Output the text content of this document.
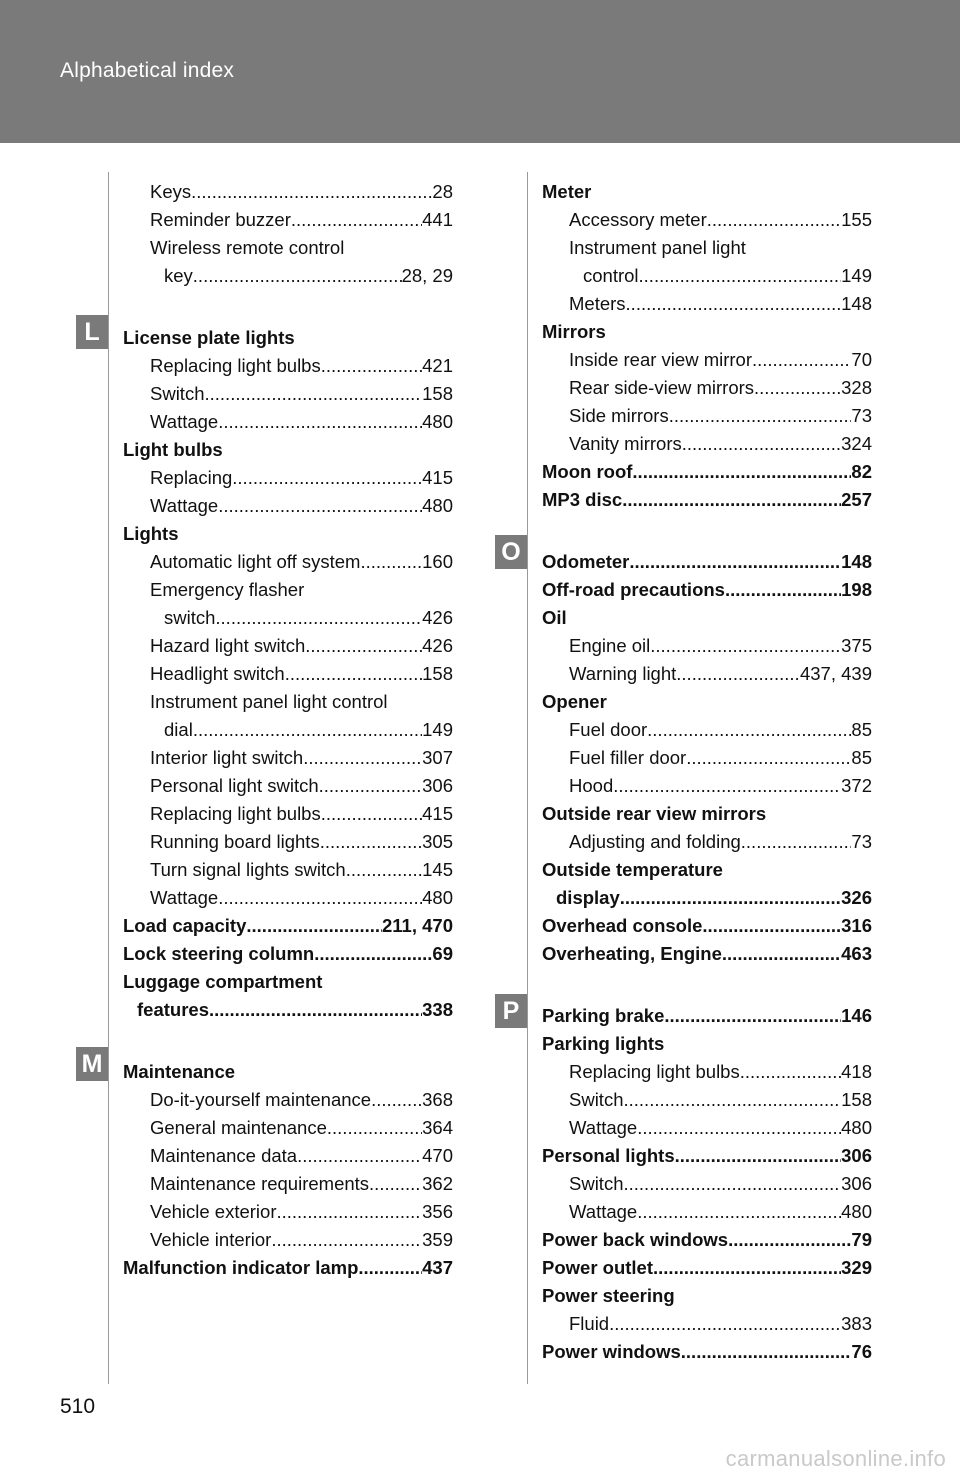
Alphabetical index
L
M
O
P
Keys .....	28
Reminder buzzer .....	441
Wireless remote control
key .....	28, 29
License plate lights
Replacing light bulbs .....	421
Switch .....	158
Wattage .....	480
Light bulbs
Replacing .....	415
Wattage .....	480
Lights
Automatic light off system .....	160
Emergency flasher
switch .....	426
Hazard light switch .....	426
Headlight switch .....	158
Instrument panel light control
dial .....	149
Interior light switch .....	307
Personal light switch .....	306
Replacing light bulbs .....	415
Running board lights .....	305
Turn signal lights switch .....	145
Wattage .....	480
Load capacity .....	211, 470
Lock steering column .....	69
Luggage compartment
features .....	338
Maintenance
Do-it-yourself maintenance .....	368
General maintenance .....	364
Maintenance data .....	470
Maintenance requirements .....	362
Vehicle exterior .....	356
Vehicle interior .....	359
Malfunction indicator lamp .....	437
Meter
Accessory meter .....	155
Instrument panel light
control .....	149
Meters .....	148
Mirrors
Inside rear view mirror .....	70
Rear side-view mirrors .....	328
Side mirrors .....	73
Vanity mirrors .....	324
Moon roof .....	82
MP3 disc .....	257
Odometer .....	148
Off-road precautions .....	198
Oil
Engine oil .....	375
Warning light .....	437, 439
Opener
Fuel door .....	85
Fuel filler door .....	85
Hood .....	372
Outside rear view mirrors
Adjusting and folding .....	73
Outside temperature
display .....	326
Overhead console .....	316
Overheating, Engine .....	463
Parking brake .....	146
Parking lights
Replacing light bulbs .....	418
Switch .....	158
Wattage .....	480
Personal lights .....	306
Switch .....	306
Wattage .....	480
Power back windows .....	79
Power outlet .....	329
Power steering
Fluid .....	383
Power windows .....	76
510
carmanualsonline.info
